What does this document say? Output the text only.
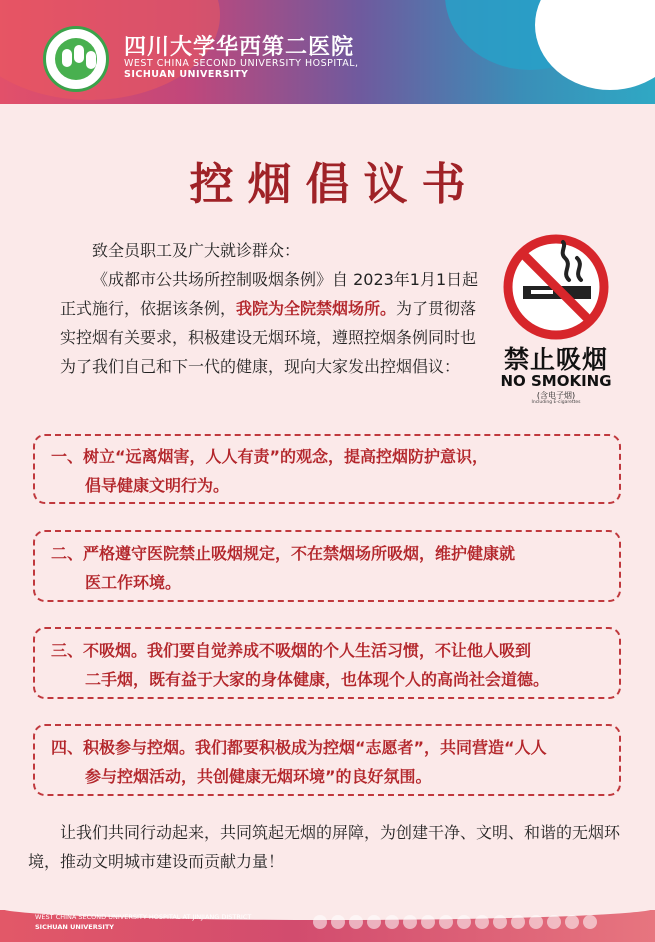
四川大学华西第二医院
WEST CHINA SECOND UNIVERSITY HOSPITAL,
SICHUAN UNIVERSITY
控烟倡议书

致全员职工及广大就诊群众：

《成都市公共场所控制吸烟条例》自 2023年1月1日起正式施行，依据该条例，我院为全院禁烟场所。为了贯彻落实控烟有关要求，积极建设无烟环境，遵照控烟条例同时也为了我们自己和下一代的健康，现向大家发出控烟倡议：	禁止吸烟
NO SMOKING
(含电子烟)
Including E-cigarettes
一、 树立“远离烟害，人人有责”的观念，提高控烟防护意识，
倡导健康文明行为。
二、 严格遵守医院禁止吸烟规定，不在禁烟场所吸烟，维护健康就
医工作环境。
三、 不吸烟。我们要自觉养成不吸烟的个人生活习惯，不让他人吸到
二手烟，既有益于大家的身体健康，也体现个人的高尚社会道德。
四、 积极参与控烟。我们都要积极成为控烟“志愿者”，共同营造“人人
参与控烟活动，共创健康无烟环境”的良好氛围。

让我们共同行动起来，共同筑起无烟的屏障，为创建干净、文明、和谐的无烟环境，推动文明城市建设而贡献力量！

WEST CHINA SECOND UNIVERSITY HOSPITAL AT JINJIANG DISTRICT
SICHUAN UNIVERSITY
